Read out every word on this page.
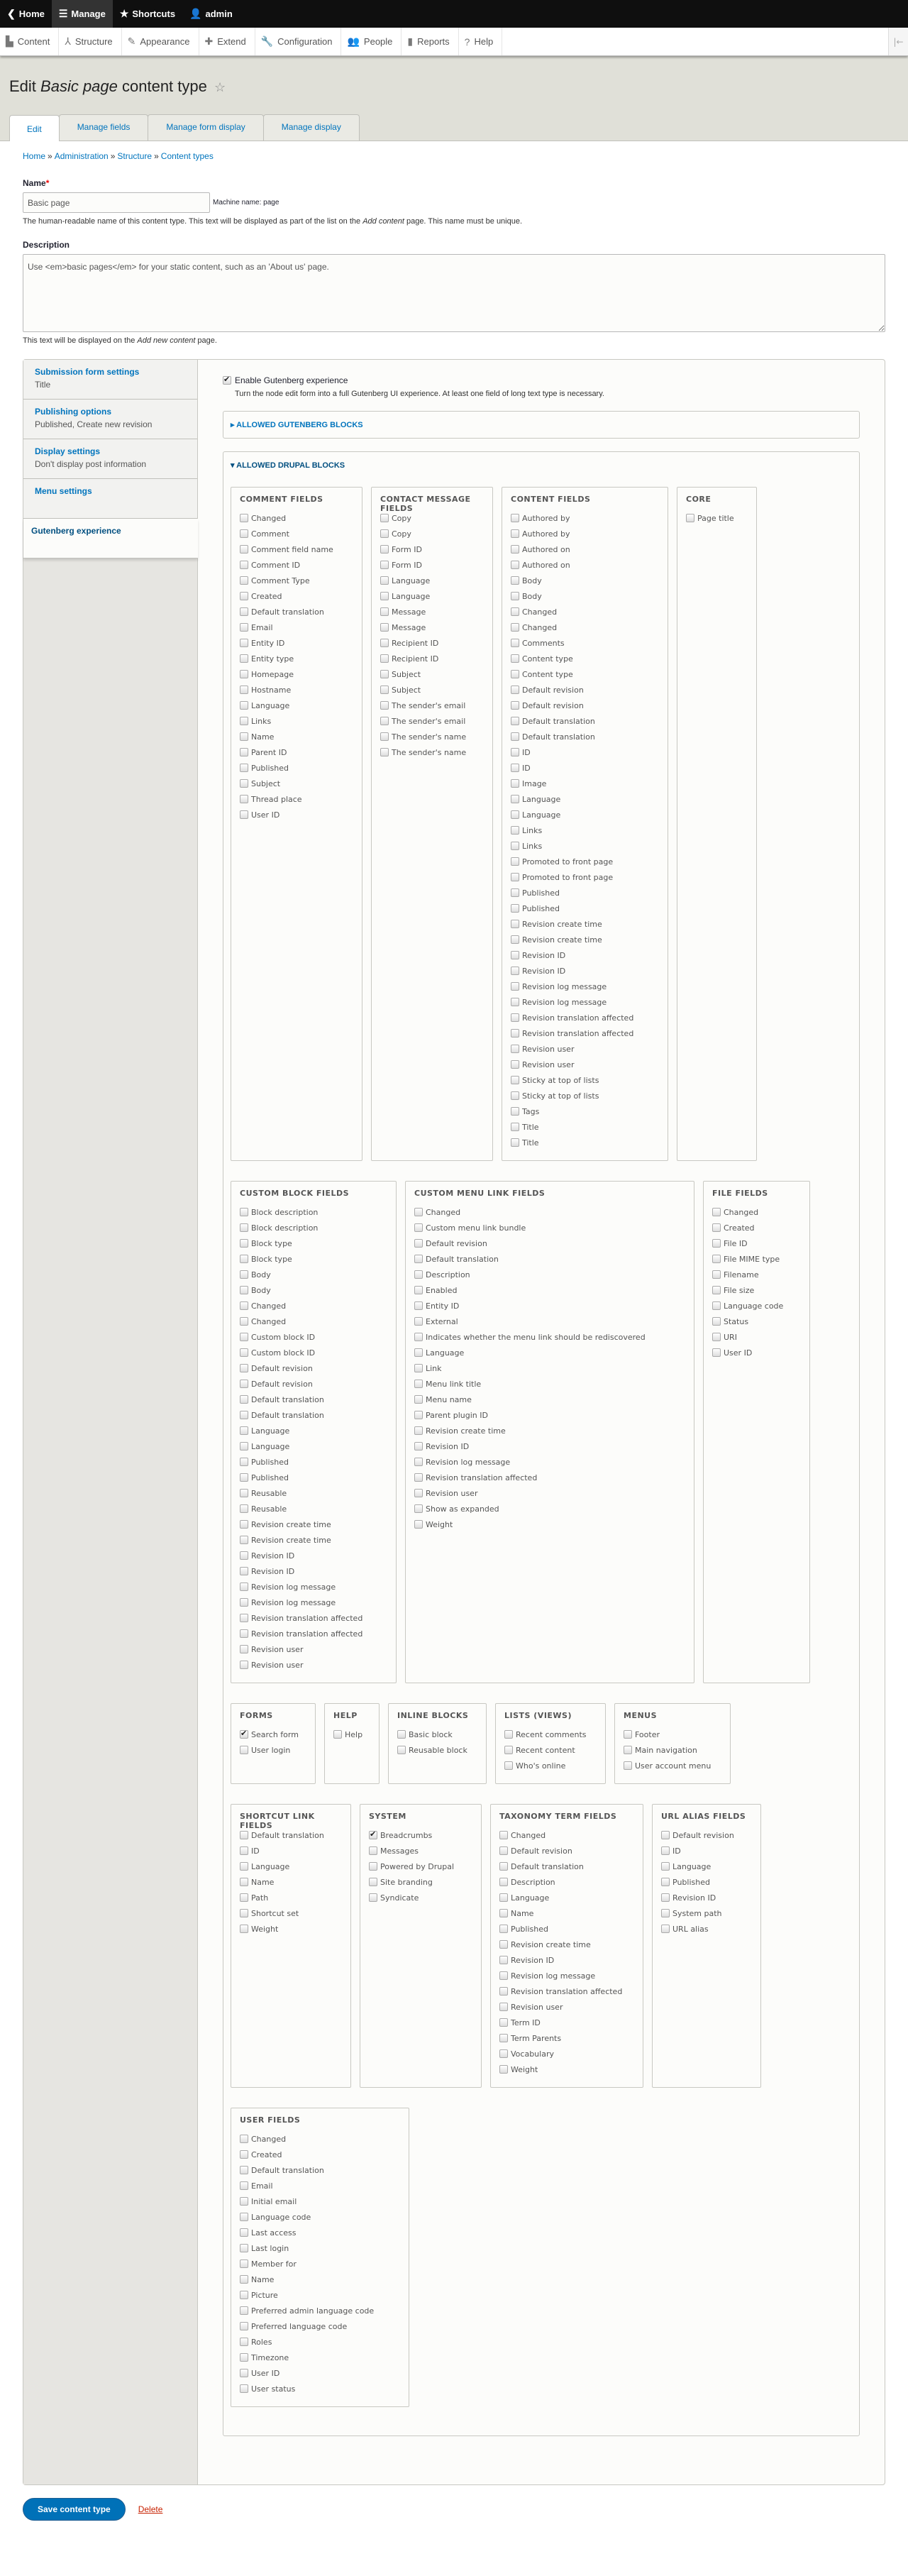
❮ Home ☰ Manage ★ Shortcuts 👤 admin
▙ Content ⅄ Structure ✎ Appearance ✚ Extend 🔧 Configuration 👥 People ▮ Reports ? Help	|←
Edit Basic page content type ☆
Edit	Manage fields	Manage form display	Manage display
Home » Administration » Structure » Content types
Name*
Basic page
Machine name: page
The human-readable name of this content type. This text will be displayed as part of the list on the Add content page. This name must be unique.
Description
Use <em>basic pages</em> for your static content, such as an 'About us' page.
This text will be displayed on the Add new content page.
Submission form settings
Title
Publishing options
Published, Create new revision
Display settings
Don't display post information
Menu settings
Gutenberg experience
✔
Enable Gutenberg experience
Turn the node edit form into a full Gutenberg UI experience. At least one field of long text type is necessary.
▸ ALLOWED GUTENBERG BLOCKS
▾ ALLOWED DRUPAL BLOCKS
COMMENT FIELDS
Changed
Comment
Comment field name
Comment ID
Comment Type
Created
Default translation
Email
Entity ID
Entity type
Homepage
Hostname
Language
Links
Name
Parent ID
Published
Subject
Thread place
User ID
CONTACT MESSAGE FIELDS
Copy
Copy
Form ID
Form ID
Language
Language
Message
Message
Recipient ID
Recipient ID
Subject
Subject
The sender's email
The sender's email
The sender's name
The sender's name
CONTENT FIELDS
Authored by
Authored by
Authored on
Authored on
Body
Body
Changed
Changed
Comments
Content type
Content type
Default revision
Default revision
Default translation
Default translation
ID
ID
Image
Language
Language
Links
Links
Promoted to front page
Promoted to front page
Published
Published
Revision create time
Revision create time
Revision ID
Revision ID
Revision log message
Revision log message
Revision translation affected
Revision translation affected
Revision user
Revision user
Sticky at top of lists
Sticky at top of lists
Tags
Title
Title
CORE
Page title
CUSTOM BLOCK FIELDS
Block description
Block description
Block type
Block type
Body
Body
Changed
Changed
Custom block ID
Custom block ID
Default revision
Default revision
Default translation
Default translation
Language
Language
Published
Published
Reusable
Reusable
Revision create time
Revision create time
Revision ID
Revision ID
Revision log message
Revision log message
Revision translation affected
Revision translation affected
Revision user
Revision user
CUSTOM MENU LINK FIELDS
Changed
Custom menu link bundle
Default revision
Default translation
Description
Enabled
Entity ID
External
Indicates whether the menu link should be rediscovered
Language
Link
Menu link title
Menu name
Parent plugin ID
Revision create time
Revision ID
Revision log message
Revision translation affected
Revision user
Show as expanded
Weight
FILE FIELDS
Changed
Created
File ID
File MIME type
Filename
File size
Language code
Status
URI
User ID
FORMS
✔
Search form
User login
HELP
Help
INLINE BLOCKS
Basic block
Reusable block
LISTS (VIEWS)
Recent comments
Recent content
Who's online
MENUS
Footer
Main navigation
User account menu
SHORTCUT LINK FIELDS
Default translation
ID
Language
Name
Path
Shortcut set
Weight
SYSTEM
✔
Breadcrumbs
Messages
Powered by Drupal
Site branding
Syndicate
TAXONOMY TERM FIELDS
Changed
Default revision
Default translation
Description
Language
Name
Published
Revision create time
Revision ID
Revision log message
Revision translation affected
Revision user
Term ID
Term Parents
Vocabulary
Weight
URL ALIAS FIELDS
Default revision
ID
Language
Published
Revision ID
System path
URL alias
USER FIELDS
Changed
Created
Default translation
Email
Initial email
Language code
Last access
Last login
Member for
Name
Picture
Preferred admin language code
Preferred language code
Roles
Timezone
User ID
User status
Save content type	Delete
